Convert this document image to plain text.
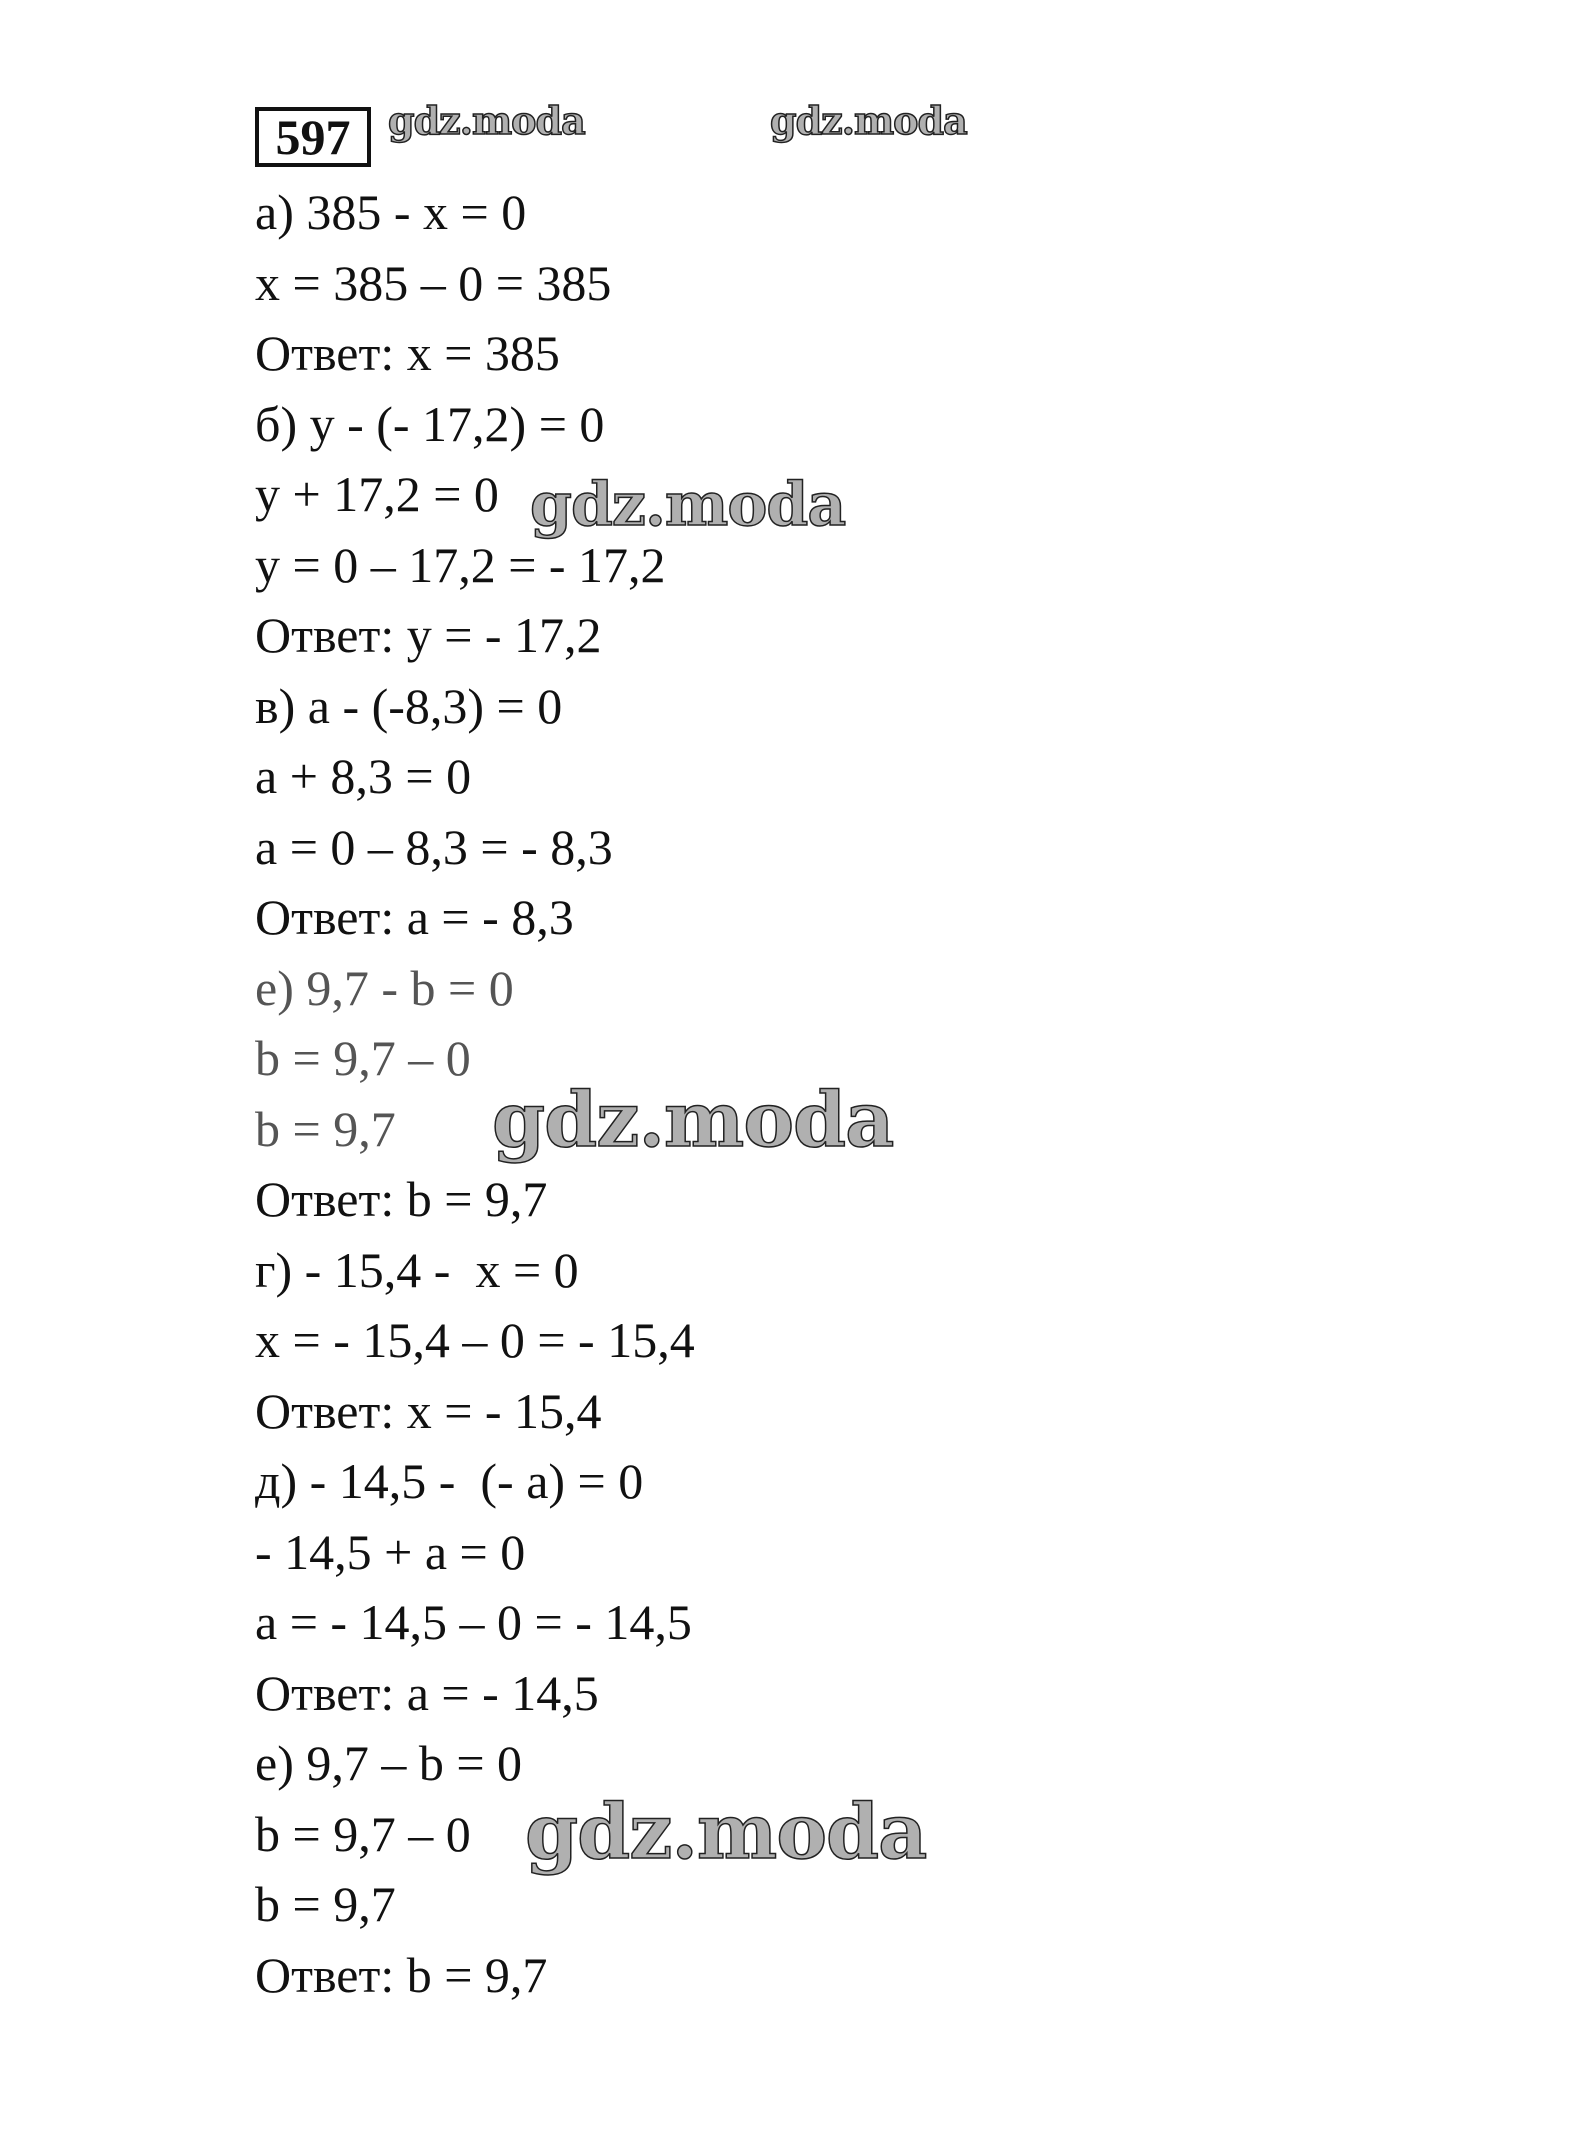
597 gdz.moda	gdz.moda
gdz.moda
gdz.moda
gdz.moda
а) 385 - x = 0
x = 385 – 0 = 385
Ответ: x = 385
б) y - (- 17,2) = 0
y + 17,2 = 0
y = 0 – 17,2 = - 17,2
Ответ: y = - 17,2
в) a - (-8,3) = 0
a + 8,3 = 0
a = 0 – 8,3 = - 8,3
Ответ: a = - 8,3
е) 9,7 - b = 0
b = 9,7 – 0
b = 9,7
Ответ: b = 9,7
г) - 15,4 -  x = 0
x = - 15,4 – 0 = - 15,4
Ответ: x = - 15,4
д) - 14,5 -  (- a) = 0
- 14,5 + a = 0
a = - 14,5 – 0 = - 14,5
Ответ: a = - 14,5
е) 9,7 – b = 0
b = 9,7 – 0
b = 9,7
Ответ: b = 9,7
